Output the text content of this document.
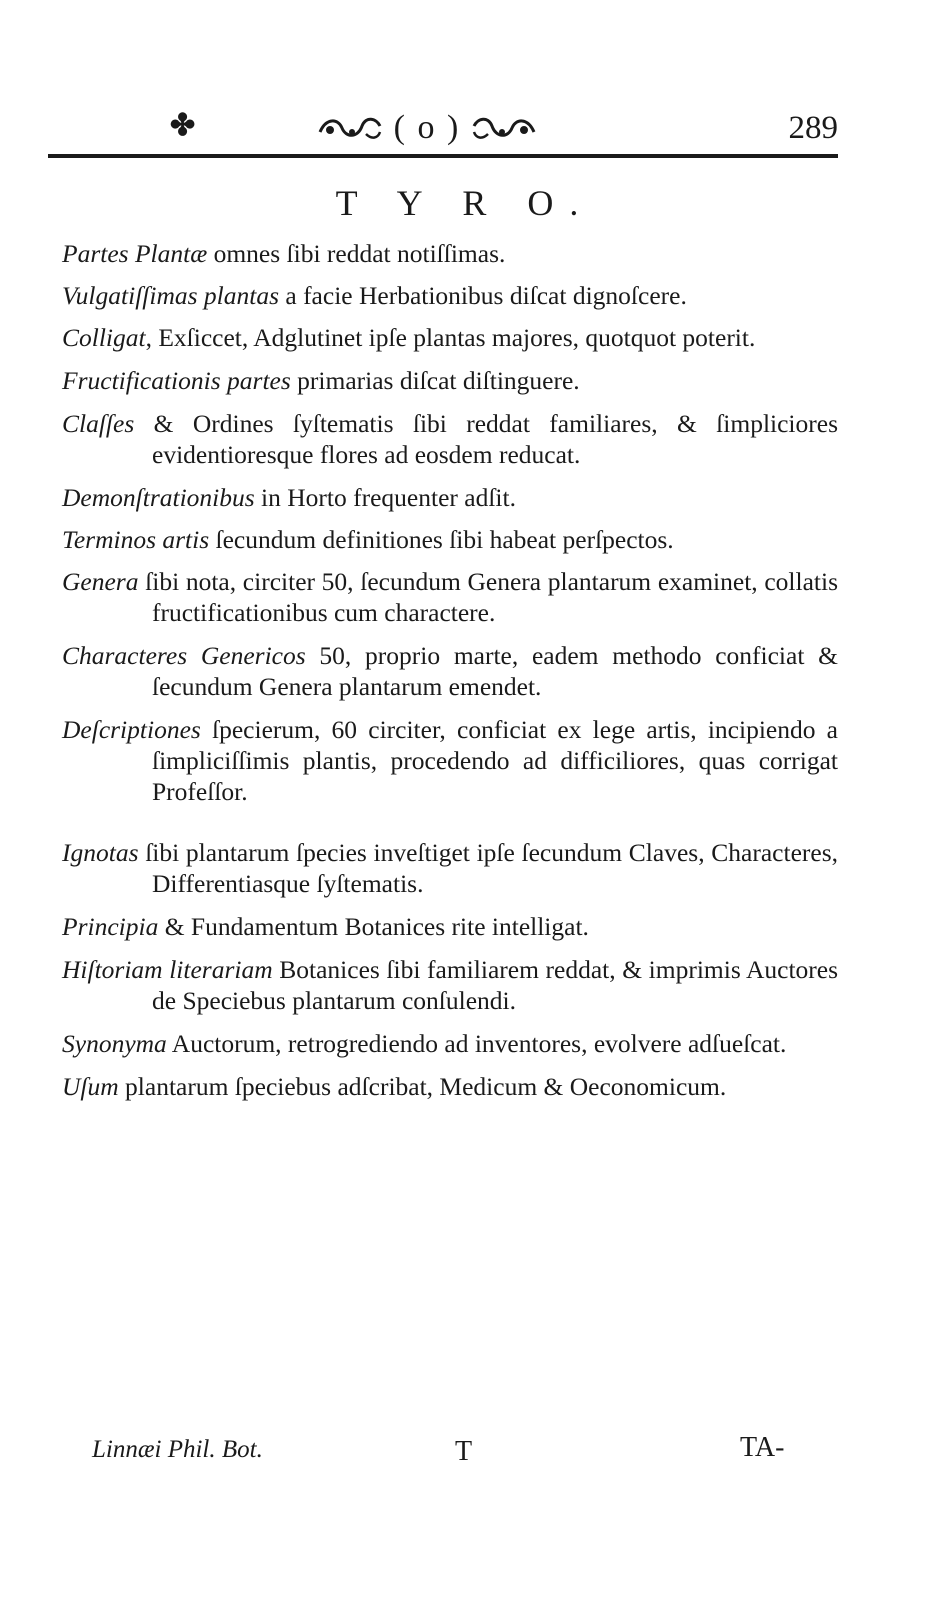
✤	( o )	289
T Y R O.

Partes Plantæ omnes ſibi reddat notiſſimas.

Vulgatiſſimas plantas a facie Herbationibus diſcat dignoſcere.

Colligat, Exſiccet, Adglutinet ipſe plantas majores, quotquot poterit.

Fructificationis partes primarias diſcat diſtinguere.

Claſſes & Ordines ſyſtematis ſibi reddat familiares, & ſimpliciores evidentioresque flores ad eosdem reducat.

Demonſtrationibus in Horto frequenter adſit.

Terminos artis ſecundum definitiones ſibi habeat perſpectos.

Genera ſibi nota, circiter 50, ſecundum Genera plantarum examinet, collatis fructificationibus cum charactere.

Characteres Genericos 50, proprio marte, eadem methodo conficiat & ſecundum Genera plantarum emendet.

Deſcriptiones ſpecierum, 60 circiter, conficiat ex lege artis, incipiendo a ſimpliciſſimis plantis, procedendo ad difficiliores, quas corrigat Profeſſor.

Ignotas ſibi plantarum ſpecies inveſtiget ipſe ſecundum Claves, Characteres, Differentiasque ſyſtematis.

Principia & Fundamentum Botanices rite intelligat.

Hiſtoriam literariam Botanices ſibi familiarem reddat, & imprimis Auctores de Speciebus plantarum conſulendi.

Synonyma Auctorum, retrogrediendo ad inventores, evolvere adſueſcat.

Uſum plantarum ſpeciebus adſcribat, Medicum & Oeconomicum.

Linnæi Phil. Bot.	T	TA-
